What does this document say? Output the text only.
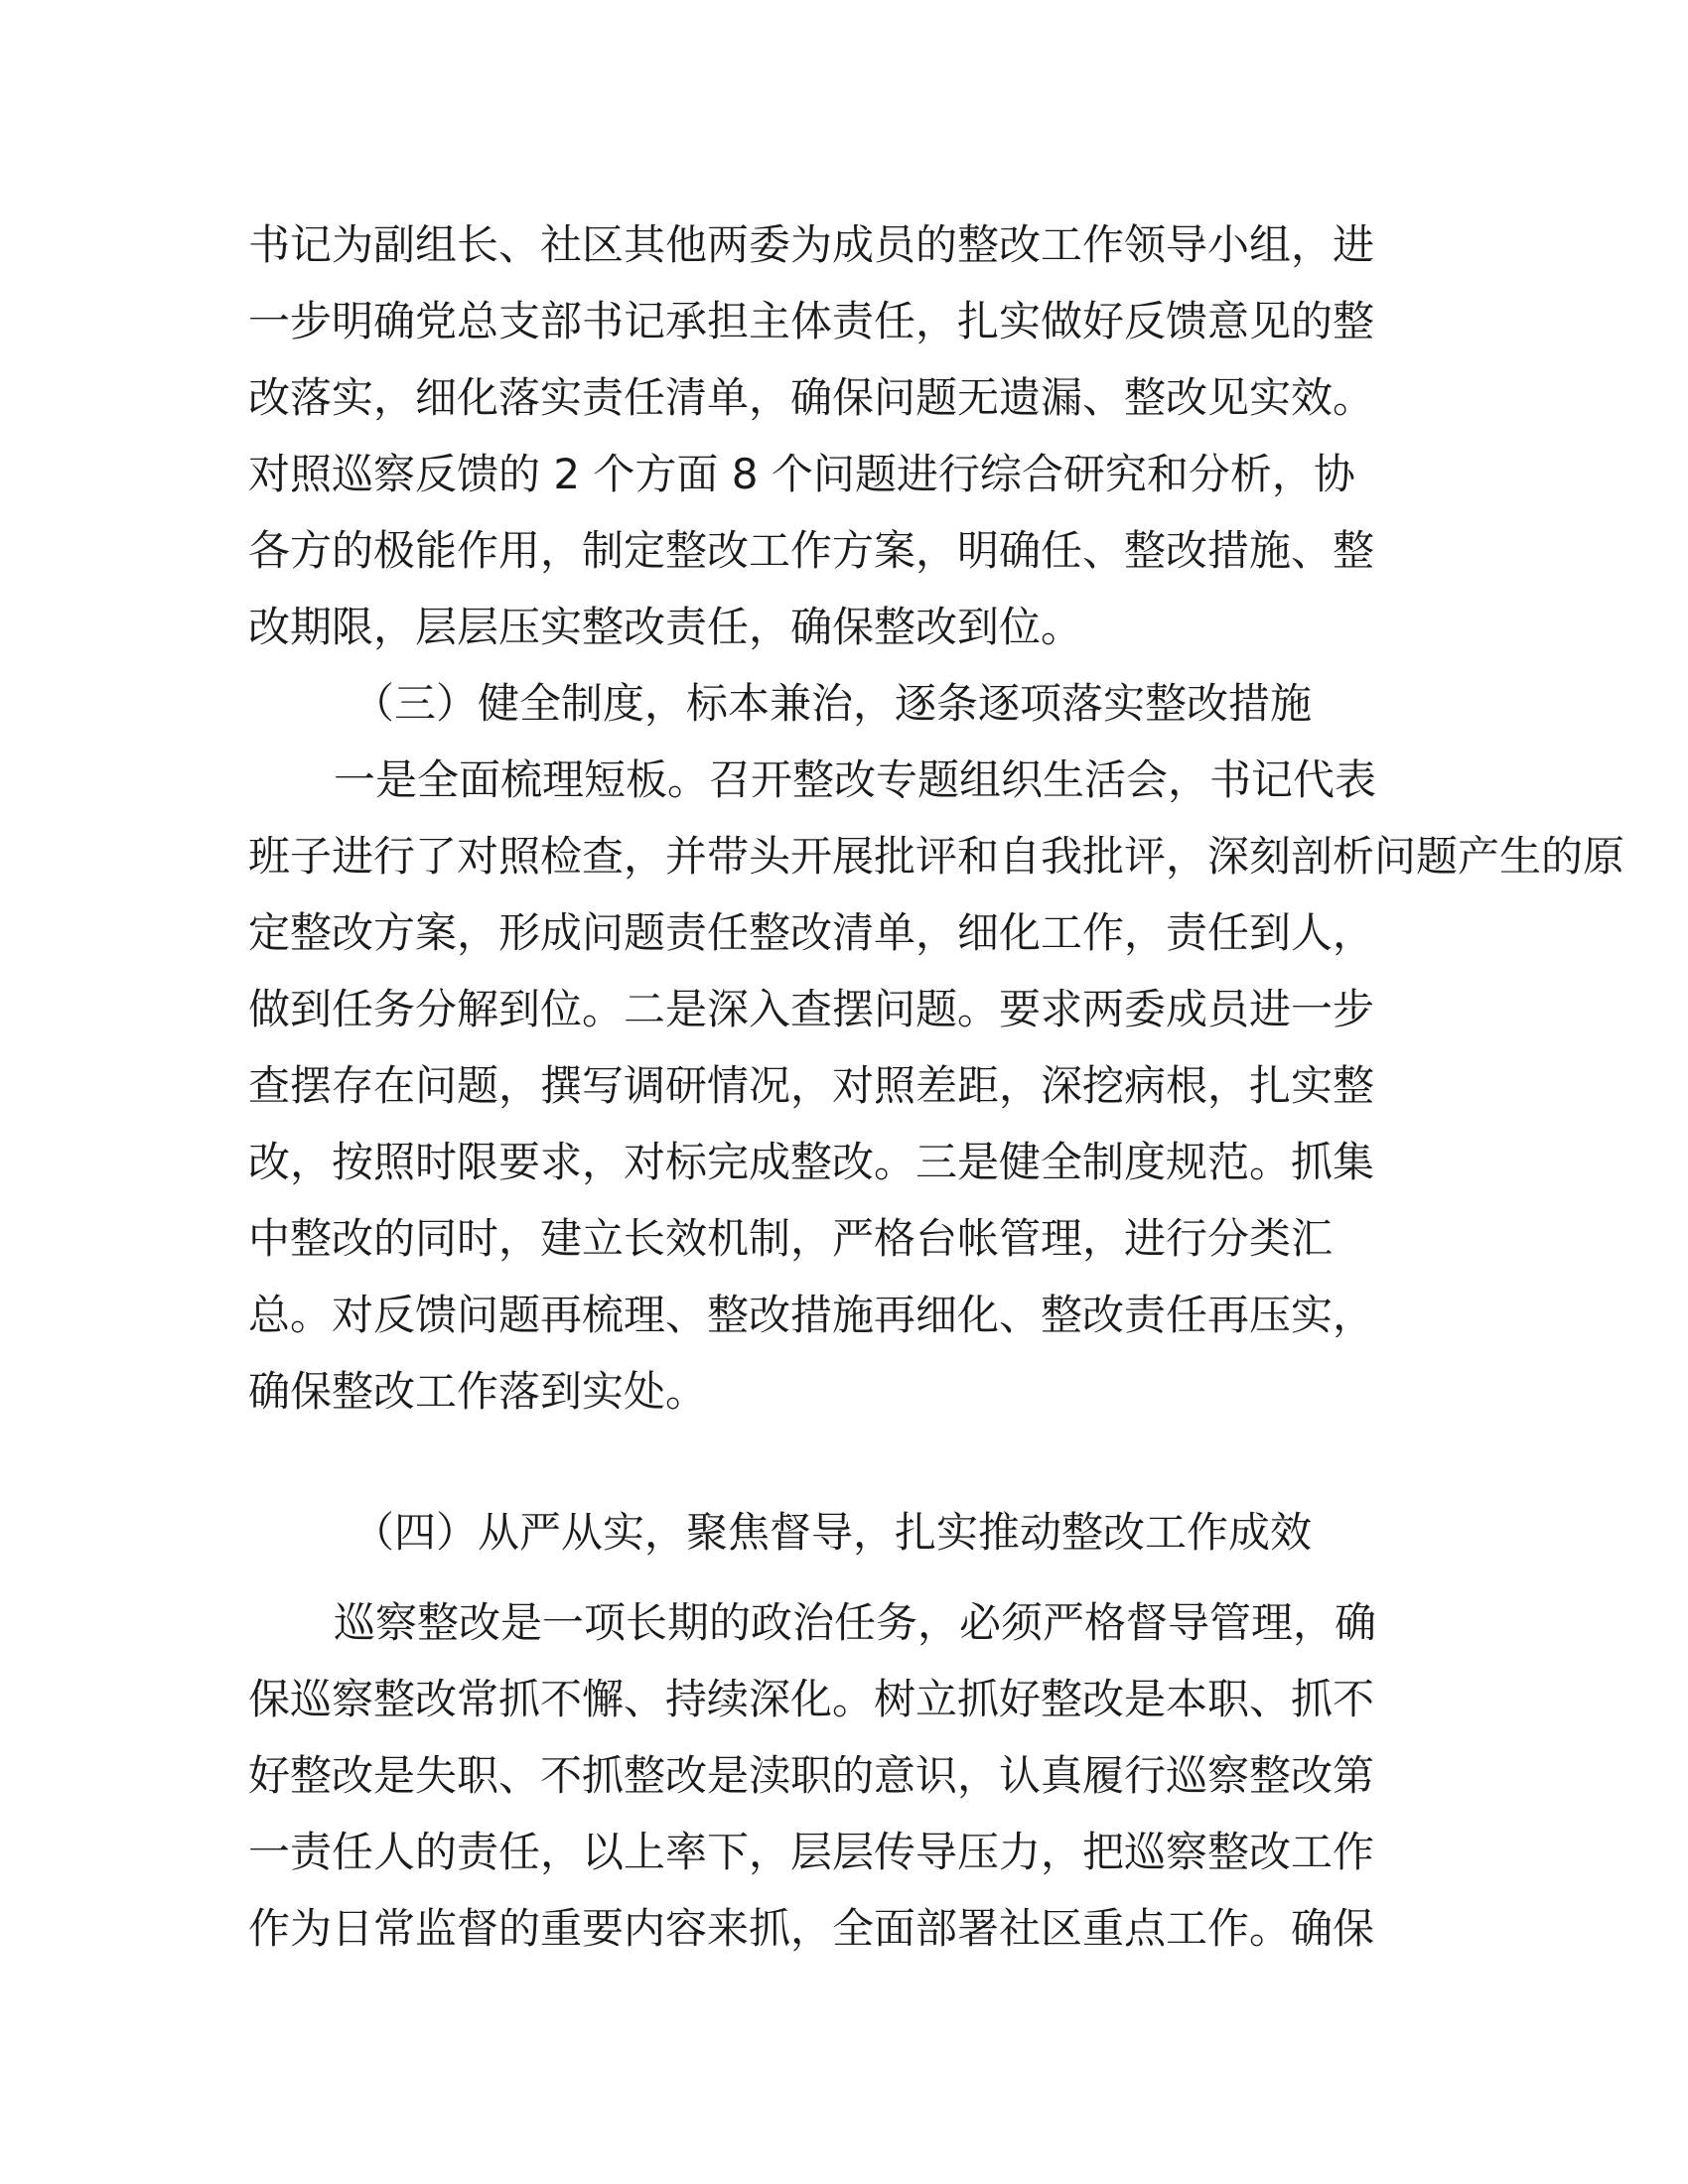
书记为副组长、社区其他两委为成员的整改工作领导小组，进
一步明确党总支部书记承担主体责任，扎实做好反馈意见的整
改落实，细化落实责任清单，确保问题无遗漏、整改见实效。
对照巡察反馈的 2 个方面 8 个问题进行综合研究和分析，协
各方的极能作用，制定整改工作方案，明确任、整改措施、整
改期限，层层压实整改责任，确保整改到位。
（三）健全制度，标本兼治，逐条逐项落实整改措施
一是全面梳理短板。召开整改专题组织生活会，书记代表
班子进行了对照检查，并带头开展批评和自我批评，深刻剖析问题产生的原
定整改方案，形成问题责任整改清单，细化工作，责任到人，
做到任务分解到位。二是深入查摆问题。要求两委成员进一步
查摆存在问题，撰写调研情况，对照差距，深挖病根，扎实整
改，按照时限要求，对标完成整改。三是健全制度规范。抓集
中整改的同时，建立长效机制，严格台帐管理，进行分类汇
总。对反馈问题再梳理、整改措施再细化、整改责任再压实，
确保整改工作落到实处。
（四）从严从实，聚焦督导，扎实推动整改工作成效
巡察整改是一项长期的政治任务，必须严格督导管理，确
保巡察整改常抓不懈、持续深化。树立抓好整改是本职、抓不
好整改是失职、不抓整改是渎职的意识，认真履行巡察整改第
一责任人的责任，以上率下，层层传导压力，把巡察整改工作
作为日常监督的重要内容来抓，全面部署社区重点工作。确保
